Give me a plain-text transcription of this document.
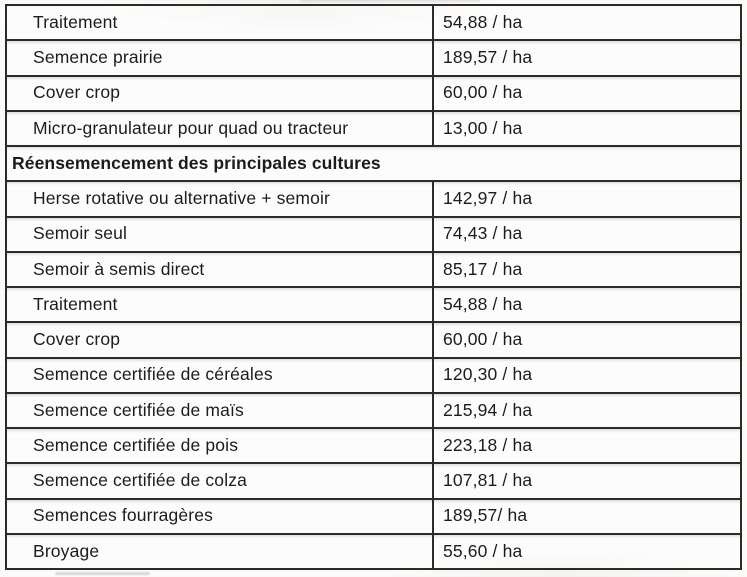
Traitement	54,88 / ha
Semence prairie	189,57 / ha
Cover crop	60,00 / ha
Micro-granulateur pour quad ou tracteur	13,00 / ha
Réensemencement des principales cultures
Herse rotative ou alternative + semoir	142,97 / ha
Semoir seul	74,43 / ha
Semoir à semis direct	85,17 / ha
Traitement	54,88 / ha
Cover crop	60,00 / ha
Semence certifiée de céréales	120,30 / ha
Semence certifiée de maïs	215,94 / ha
Semence certifiée de pois	223,18 / ha
Semence certifiée de colza	107,81 / ha
Semences fourragères	189,57/ ha
Broyage	55,60 / ha
